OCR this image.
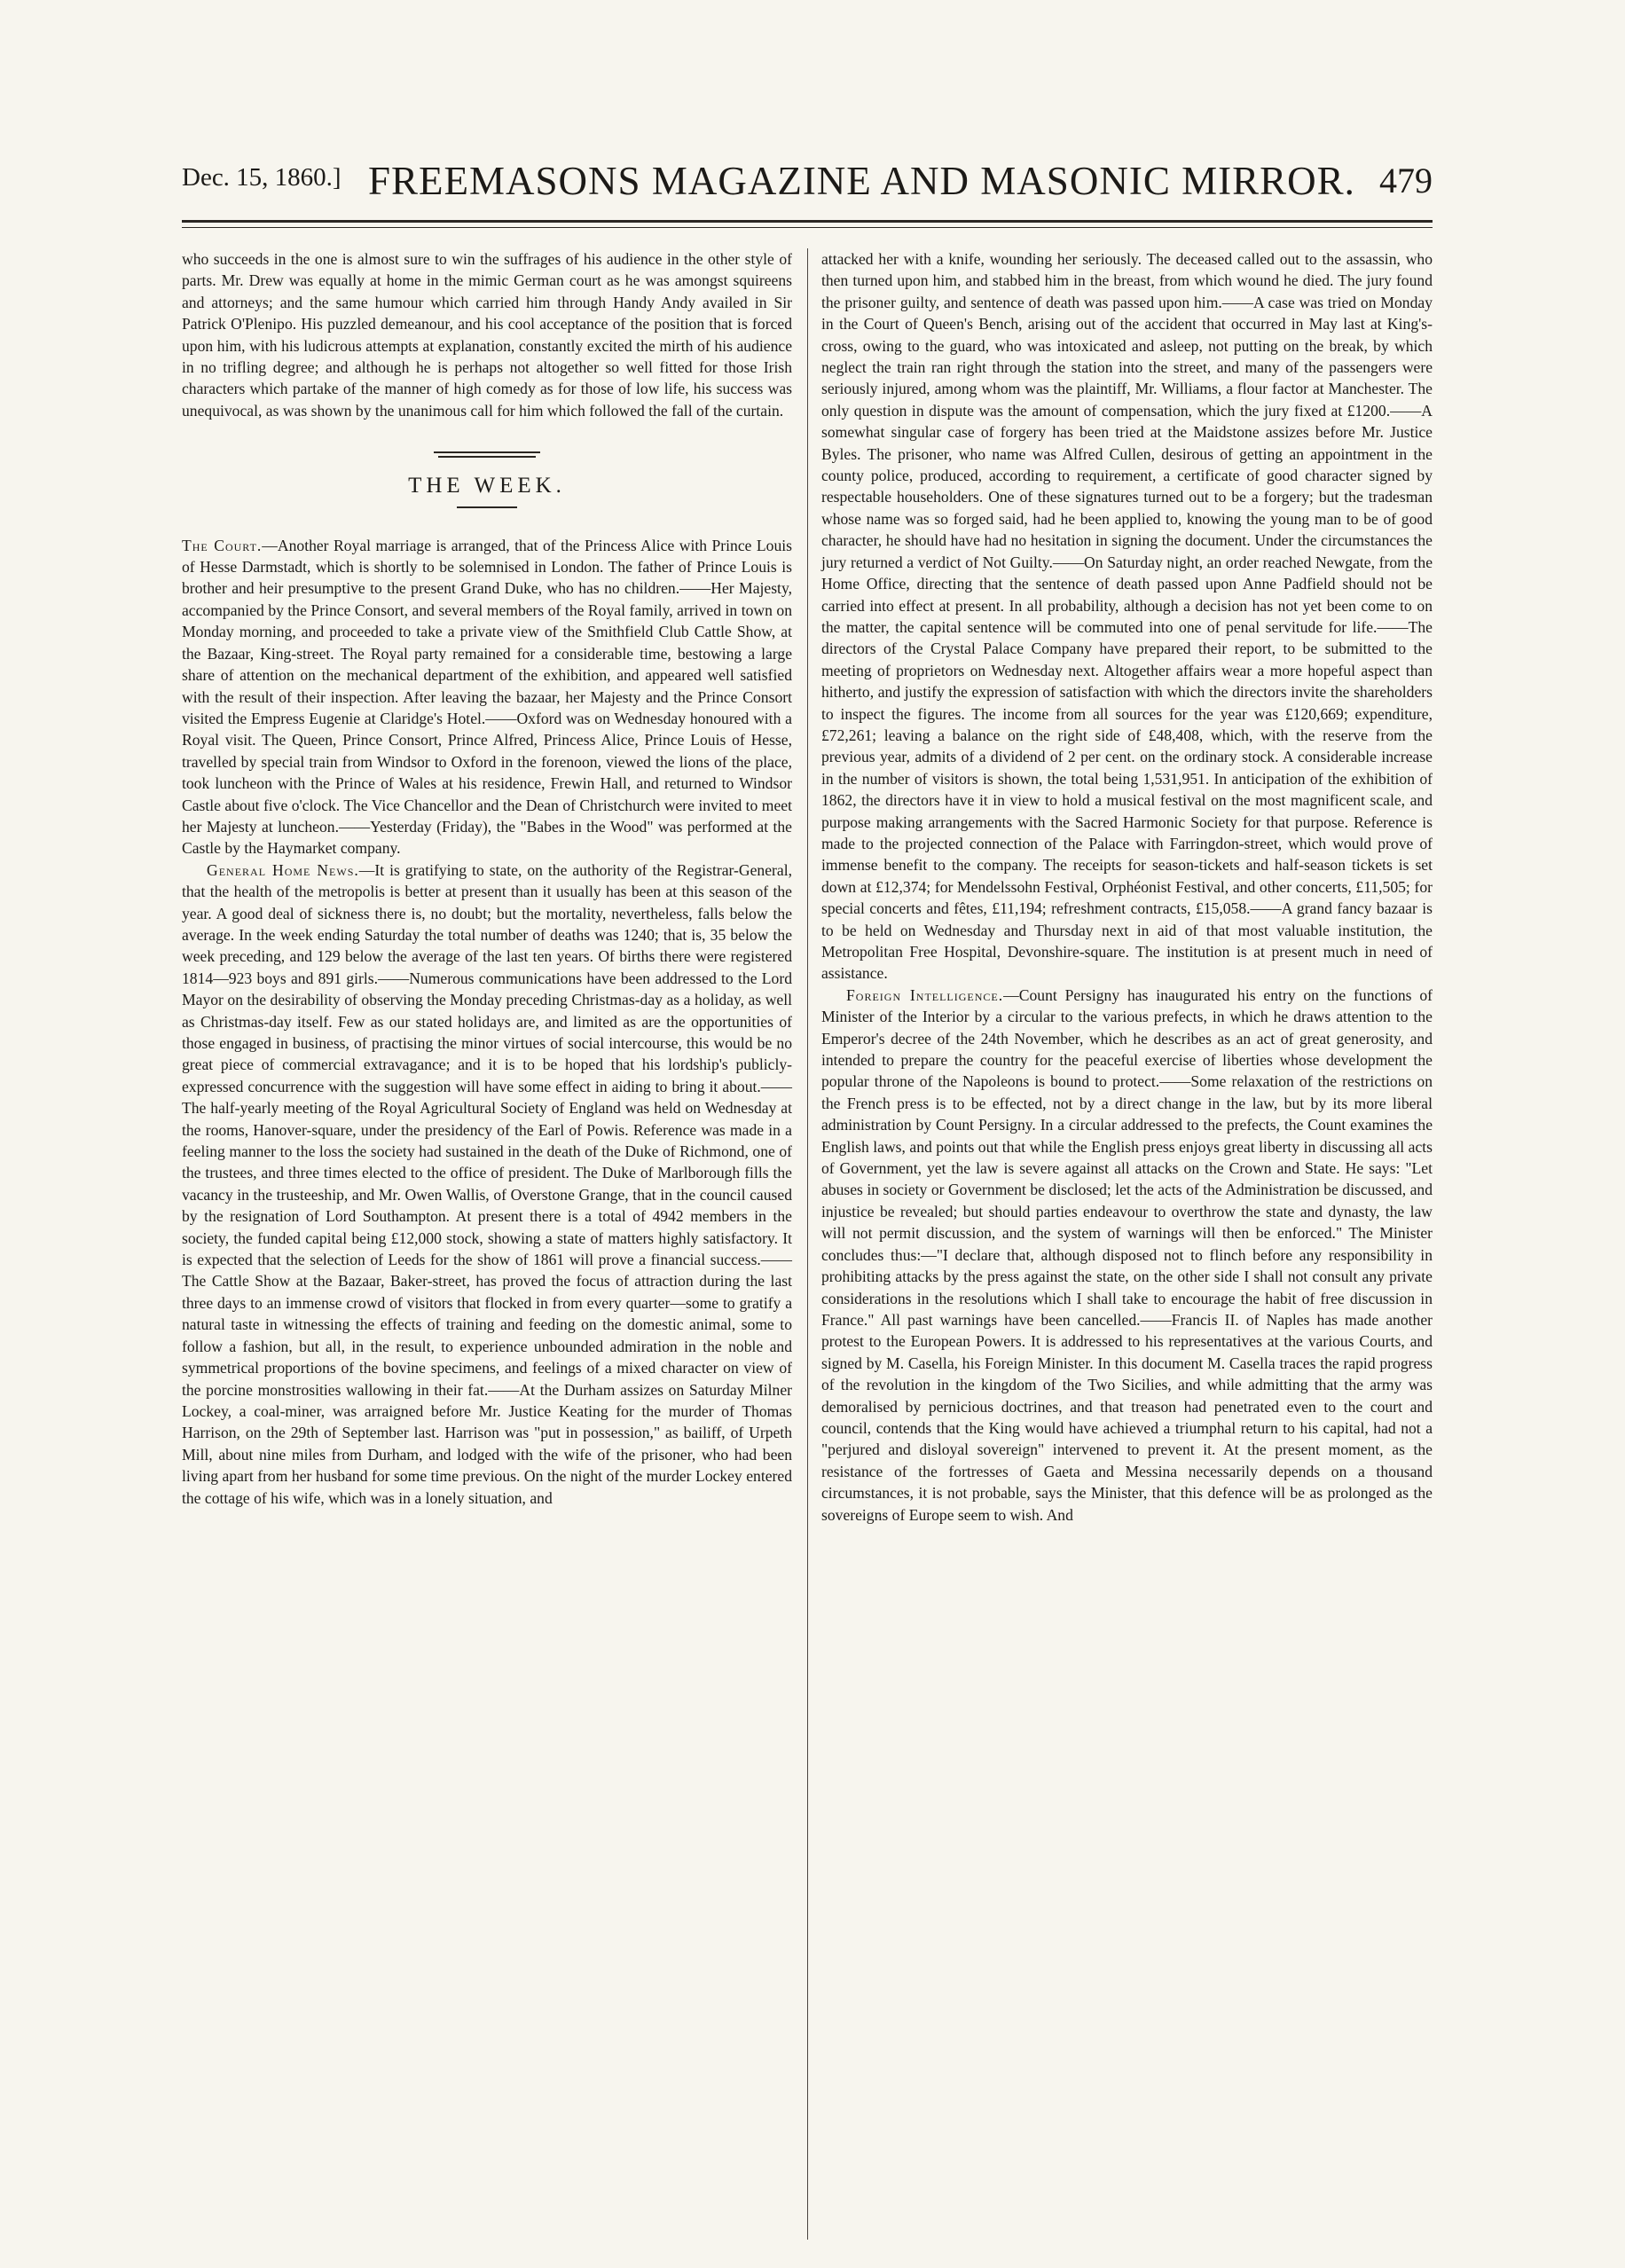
Dec. 15, 1860.] FREEMASONS MAGAZINE AND MASONIC MIRROR. 479

who succeeds in the one is almost sure to win the suffrages of his audience in the other style of parts. Mr. Drew was equally at home in the mimic German court as he was amongst squireens and attorneys; and the same humour which carried him through Handy Andy availed in Sir Patrick O'Plenipo. His puzzled demeanour, and his cool acceptance of the position that is forced upon him, with his ludicrous attempts at explanation, constantly excited the mirth of his audience in no trifling degree; and although he is perhaps not altogether so well fitted for those Irish characters which partake of the manner of high comedy as for those of low life, his success was unequivocal, as was shown by the unanimous call for him which followed the fall of the curtain.

THE WEEK.

The Court.—Another Royal marriage is arranged, that of the Princess Alice with Prince Louis of Hesse Darmstadt, which is shortly to be solemnised in London. The father of Prince Louis is brother and heir presumptive to the present Grand Duke, who has no children.——Her Majesty, accompanied by the Prince Consort, and several members of the Royal family, arrived in town on Monday morning, and proceeded to take a private view of the Smithfield Club Cattle Show, at the Bazaar, King-street. The Royal party remained for a considerable time, bestowing a large share of attention on the mechanical department of the exhibition, and appeared well satisfied with the result of their inspection. After leaving the bazaar, her Majesty and the Prince Consort visited the Empress Eugenie at Claridge's Hotel.——Oxford was on Wednesday honoured with a Royal visit. The Queen, Prince Consort, Prince Alfred, Princess Alice, Prince Louis of Hesse, travelled by special train from Windsor to Oxford in the forenoon, viewed the lions of the place, took luncheon with the Prince of Wales at his residence, Frewin Hall, and returned to Windsor Castle about five o'clock. The Vice Chancellor and the Dean of Christchurch were invited to meet her Majesty at luncheon.——Yesterday (Friday), the "Babes in the Wood" was performed at the Castle by the Haymarket company.

General Home News.—It is gratifying to state, on the authority of the Registrar-General, that the health of the metropolis is better at present than it usually has been at this season of the year. A good deal of sickness there is, no doubt; but the mortality, nevertheless, falls below the average. In the week ending Saturday the total number of deaths was 1240; that is, 35 below the week preceding, and 129 below the average of the last ten years. Of births there were registered 1814—923 boys and 891 girls.——Numerous communications have been addressed to the Lord Mayor on the desirability of observing the Monday preceding Christmas-day as a holiday, as well as Christmas-day itself. Few as our stated holidays are, and limited as are the opportunities of those engaged in business, of practising the minor virtues of social intercourse, this would be no great piece of commercial extravagance; and it is to be hoped that his lordship's publicly-expressed concurrence with the suggestion will have some effect in aiding to bring it about.——The half-yearly meeting of the Royal Agricultural Society of England was held on Wednesday at the rooms, Hanover-square, under the presidency of the Earl of Powis. Reference was made in a feeling manner to the loss the society had sustained in the death of the Duke of Richmond, one of the trustees, and three times elected to the office of president. The Duke of Marlborough fills the vacancy in the trusteeship, and Mr. Owen Wallis, of Overstone Grange, that in the council caused by the resignation of Lord Southampton. At present there is a total of 4942 members in the society, the funded capital being £12,000 stock, showing a state of matters highly satisfactory. It is expected that the selection of Leeds for the show of 1861 will prove a financial success.——The Cattle Show at the Bazaar, Baker-street, has proved the focus of attraction during the last three days to an immense crowd of visitors that flocked in from every quarter—some to gratify a natural taste in witnessing the effects of training and feeding on the domestic animal, some to follow a fashion, but all, in the result, to experience unbounded admiration in the noble and symmetrical proportions of the bovine specimens, and feelings of a mixed character on view of the porcine monstrosities wallowing in their fat.——At the Durham assizes on Saturday Milner Lockey, a coal-miner, was arraigned before Mr. Justice Keating for the murder of Thomas Harrison, on the 29th of September last. Harrison was "put in possession," as bailiff, of Urpeth Mill, about nine miles from Durham, and lodged with the wife of the prisoner, who had been living apart from her husband for some time previous. On the night of the murder Lockey entered the cottage of his wife, which was in a lonely situation, and

attacked her with a knife, wounding her seriously. The deceased called out to the assassin, who then turned upon him, and stabbed him in the breast, from which wound he died. The jury found the prisoner guilty, and sentence of death was passed upon him.——A case was tried on Monday in the Court of Queen's Bench, arising out of the accident that occurred in May last at King's-cross, owing to the guard, who was intoxicated and asleep, not putting on the break, by which neglect the train ran right through the station into the street, and many of the passengers were seriously injured, among whom was the plaintiff, Mr. Williams, a flour factor at Manchester. The only question in dispute was the amount of compensation, which the jury fixed at £1200.——A somewhat singular case of forgery has been tried at the Maidstone assizes before Mr. Justice Byles. The prisoner, who name was Alfred Cullen, desirous of getting an appointment in the county police, produced, according to requirement, a certificate of good character signed by respectable householders. One of these signatures turned out to be a forgery; but the tradesman whose name was so forged said, had he been applied to, knowing the young man to be of good character, he should have had no hesitation in signing the document. Under the circumstances the jury returned a verdict of Not Guilty.——On Saturday night, an order reached Newgate, from the Home Office, directing that the sentence of death passed upon Anne Padfield should not be carried into effect at present. In all probability, although a decision has not yet been come to on the matter, the capital sentence will be commuted into one of penal servitude for life.——The directors of the Crystal Palace Company have prepared their report, to be submitted to the meeting of proprietors on Wednesday next. Altogether affairs wear a more hopeful aspect than hitherto, and justify the expression of satisfaction with which the directors invite the shareholders to inspect the figures. The income from all sources for the year was £120,669; expenditure, £72,261; leaving a balance on the right side of £48,408, which, with the reserve from the previous year, admits of a dividend of 2 per cent. on the ordinary stock. A considerable increase in the number of visitors is shown, the total being 1,531,951. In anticipation of the exhibition of 1862, the directors have it in view to hold a musical festival on the most magnificent scale, and purpose making arrangements with the Sacred Harmonic Society for that purpose. Reference is made to the projected connection of the Palace with Farringdon-street, which would prove of immense benefit to the company. The receipts for season-tickets and half-season tickets is set down at £12,374; for Mendelssohn Festival, Orphéonist Festival, and other concerts, £11,505; for special concerts and fêtes, £11,194; refreshment contracts, £15,058.——A grand fancy bazaar is to be held on Wednesday and Thursday next in aid of that most valuable institution, the Metropolitan Free Hospital, Devonshire-square. The institution is at present much in need of assistance.

Foreign Intelligence.—Count Persigny has inaugurated his entry on the functions of Minister of the Interior by a circular to the various prefects, in which he draws attention to the Emperor's decree of the 24th November, which he describes as an act of great generosity, and intended to prepare the country for the peaceful exercise of liberties whose development the popular throne of the Napoleons is bound to protect.——Some relaxation of the restrictions on the French press is to be effected, not by a direct change in the law, but by its more liberal administration by Count Persigny. In a circular addressed to the prefects, the Count examines the English laws, and points out that while the English press enjoys great liberty in discussing all acts of Government, yet the law is severe against all attacks on the Crown and State. He says: "Let abuses in society or Government be disclosed; let the acts of the Administration be discussed, and injustice be revealed; but should parties endeavour to overthrow the state and dynasty, the law will not permit discussion, and the system of warnings will then be enforced." The Minister concludes thus:—"I declare that, although disposed not to flinch before any responsibility in prohibiting attacks by the press against the state, on the other side I shall not consult any private considerations in the resolutions which I shall take to encourage the habit of free discussion in France." All past warnings have been cancelled.——Francis II. of Naples has made another protest to the European Powers. It is addressed to his representatives at the various Courts, and signed by M. Casella, his Foreign Minister. In this document M. Casella traces the rapid progress of the revolution in the kingdom of the Two Sicilies, and while admitting that the army was demoralised by pernicious doctrines, and that treason had penetrated even to the court and council, contends that the King would have achieved a triumphal return to his capital, had not a "perjured and disloyal sovereign" intervened to prevent it. At the present moment, as the resistance of the fortresses of Gaeta and Messina necessarily depends on a thousand circumstances, it is not probable, says the Minister, that this defence will be as prolonged as the sovereigns of Europe seem to wish. And
